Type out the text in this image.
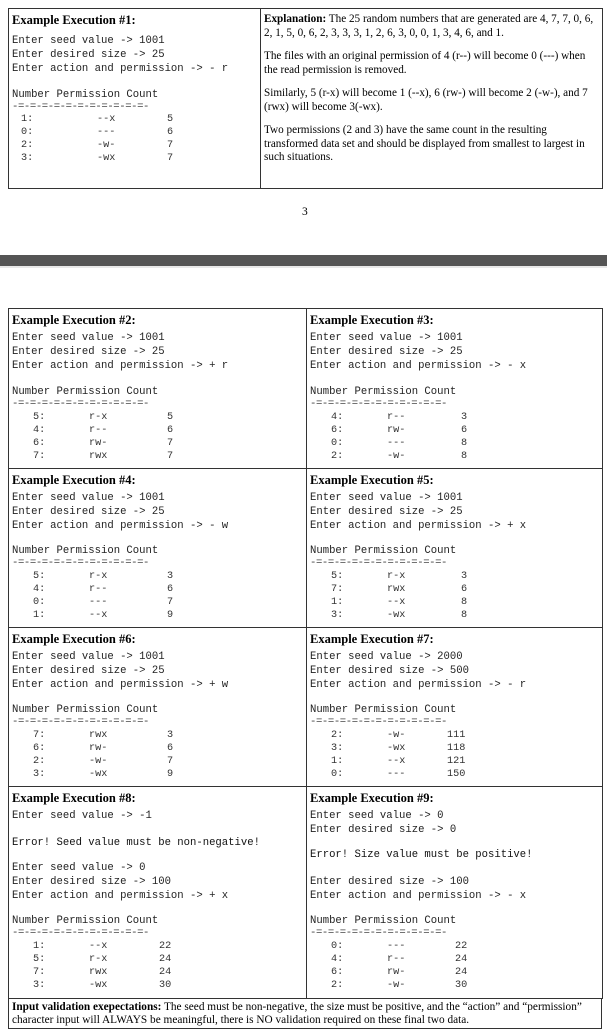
Example Execution #1:
Enter seed value -> 1001
Enter desired size -> 25
Enter action and permission -> - r
Number Permission Count
-=-=-=-=-=-=-=-=-=-=-=-
1:	--x	5
0:	---	6
2:	-w-	7
3:	-wx	7

Explanation: The 25 random numbers that are generated are 4, 7, 7, 0, 6, 2, 1, 5, 0, 6, 2, 3, 3, 3, 1, 2, 6, 3, 0, 0, 1, 3, 4, 6, and 1.

The files with an original permission of 4 (r--) will become 0 (---) when the read permission is removed.

Similarly, 5 (r-x) will become 1 (--x), 6 (rw-) will become 2 (-w-), and 7 (rwx) will become 3(-wx).

Two permissions (2 and 3) have the same count in the resulting transformed data set and should be displayed from smallest to largest in such situations.

3
Example Execution #2:
Enter seed value -> 1001
Enter desired size -> 25
Enter action and permission -> + r
Number Permission Count
-=-=-=-=-=-=-=-=-=-=-=-
5:	r-x	5
4:	r--	6
6:	rw-	7
7:	rwx	7
Example Execution #3:
Enter seed value -> 1001
Enter desired size -> 25
Enter action and permission -> - x
Number Permission Count
-=-=-=-=-=-=-=-=-=-=-=-
4:	r--	3
6:	rw-	6
0:	---	8
2:	-w-	8
Example Execution #4:
Enter seed value -> 1001
Enter desired size -> 25
Enter action and permission -> - w
Number Permission Count
-=-=-=-=-=-=-=-=-=-=-=-
5:	r-x	3
4:	r--	6
0:	---	7
1:	--x	9
Example Execution #5:
Enter seed value -> 1001
Enter desired size -> 25
Enter action and permission -> + x
Number Permission Count
-=-=-=-=-=-=-=-=-=-=-=-
5:	r-x	3
7:	rwx	6
1:	--x	8
3:	-wx	8
Example Execution #6:
Enter seed value -> 1001
Enter desired size -> 25
Enter action and permission -> + w
Number Permission Count
-=-=-=-=-=-=-=-=-=-=-=-
7:	rwx	3
6:	rw-	6
2:	-w-	7
3:	-wx	9
Example Execution #7:
Enter seed value -> 2000
Enter desired size -> 500
Enter action and permission -> - r
Number Permission Count
-=-=-=-=-=-=-=-=-=-=-=-
2:	-w-	111
3:	-wx	118
1:	--x	121
0:	---	150
Example Execution #8:
Enter seed value -> -1
Error! Seed value must be non-negative!
Enter seed value -> 0
Enter desired size -> 100
Enter action and permission -> + x
Number Permission Count
-=-=-=-=-=-=-=-=-=-=-=-
1:	--x	22
5:	r-x	24
7:	rwx	24
3:	-wx	30
Example Execution #9:
Enter seed value -> 0
Enter desired size -> 0
Error! Size value must be positive!
Enter desired size -> 100
Enter action and permission -> - x
Number Permission Count
-=-=-=-=-=-=-=-=-=-=-=-
0:	---	22
4:	r--	24
6:	rw-	24
2:	-w-	30
Input validation exepectations: The seed must be non-negative, the size must be positive, and the “action” and “permission” character input will ALWAYS be meaningful, there is NO validation required on these final two data.
